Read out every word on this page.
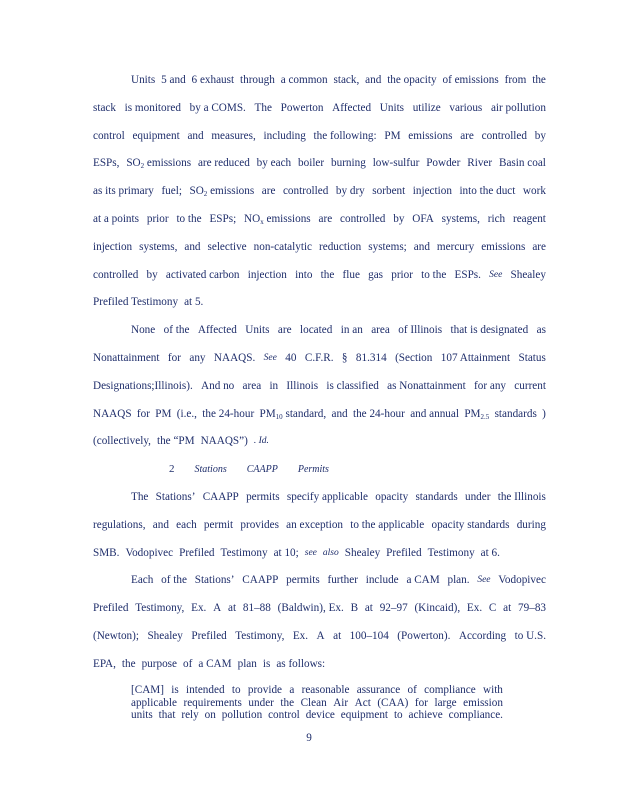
Units 5 and 6 exhaust through a common stack, and the opacity of emissions from the
stack is monitored by a COMS. The Powerton Affected Units utilize various air pollution
control equipment and measures, including the following: PM emissions are controlled by
ESPs, $SO_2$ emissions are reduced by each boiler burning low-sulfur Powder River Basin coal
as its primary fuel; $SO_2$ emissions are controlled by dry sorbent injection into the duct work
at a points prior to the ESPs; $NO_x$ emissions are controlled by OFA systems, rich reagent
injection systems, and selective non-catalytic reduction systems; and mercury emissions are
controlled by activated carbon injection into the flue gas prior to the ESPs. See Shealey
Prefiled Testimony at 5.
None of the Affected Units are located in an area of Illinois that is designated as
Nonattainment for any NAAQS. See 40 C.F.R. § 81.314 (Section 107 Attainment Status
Designations;Illinois). And no area in Illinois is classified as Nonattainment for any current
NAAQS for PM (i.e., the 24-hour $PM_{10}$ standard, and the 24-hour and annual $PM_{2.5}$ standards )
(collectively, the “PM NAAQS”) . Id.
2 Stations CAAPP Permits
The Stations’ CAAPP permits specify applicable opacity standards under the Illinois
regulations, and each permit provides an exception to the applicable opacity standards during
SMB. Vodopivec Prefiled Testimony at 10; see also Shealey Prefiled Testimony at 6.
Each of the Stations’ CAAPP permits further include a CAM plan. See Vodopivec
Prefiled Testimony, Ex. A at 81–88 (Baldwin), Ex. B at 92–97 (Kincaid), Ex. C at 79–83
(Newton); Shealey Prefiled Testimony, Ex. A at 100–104 (Powerton). According to U.S.
EPA, the purpose of a CAM plan is as follows:
[CAM] is intended to provide a reasonable assurance of compliance with
applicable requirements under the Clean Air Act (CAA) for large emission
units that rely on pollution control device equipment to achieve compliance.
9
